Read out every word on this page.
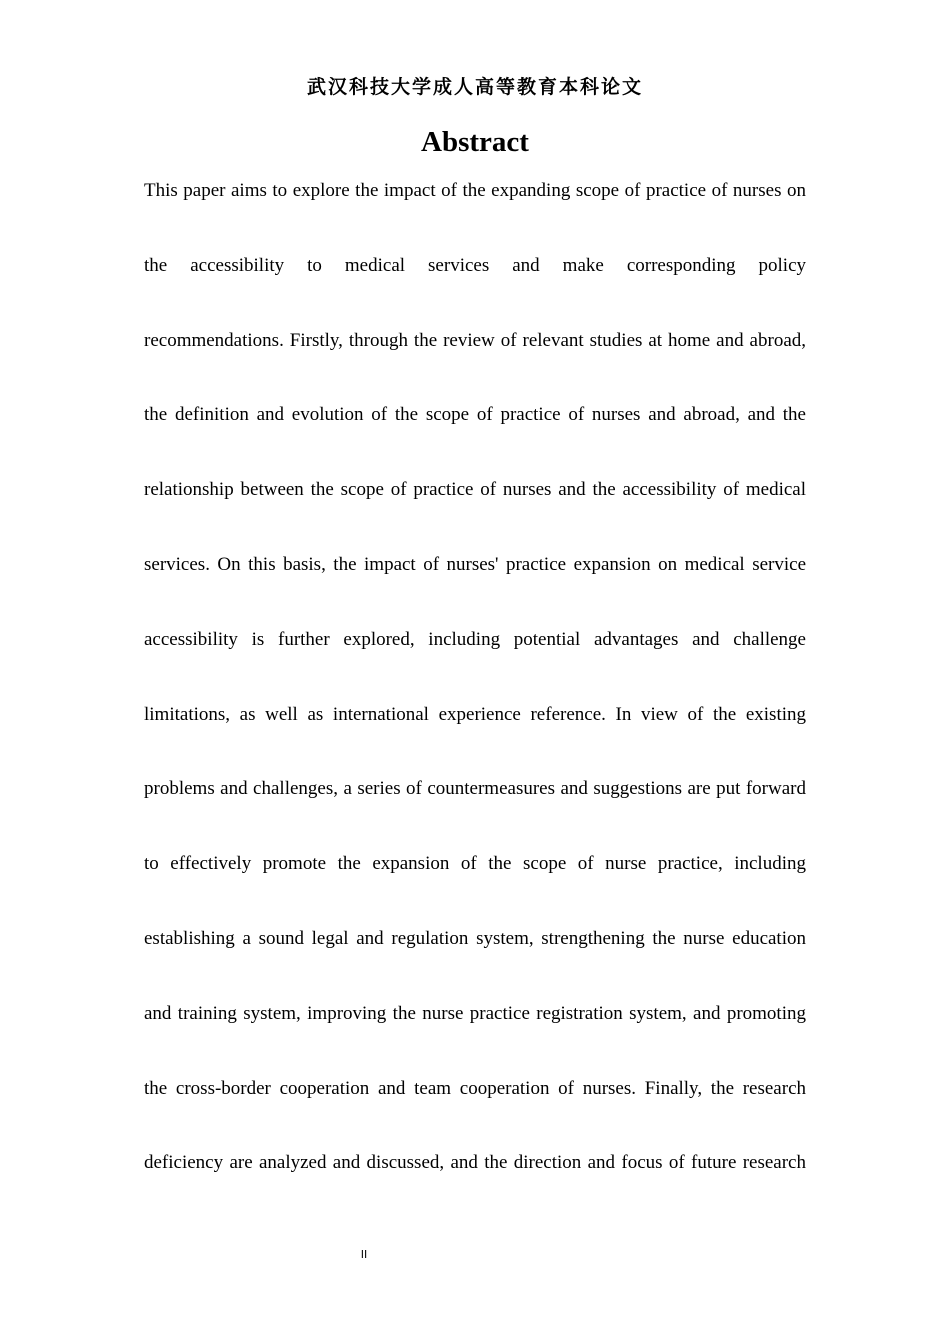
武汉科技大学成人高等教育本科论文
Abstract
This paper aims to explore the impact of the expanding scope of practice of nurses on
the accessibility to medical services and make corresponding policy
recommendations. Firstly, through the review of relevant studies at home and abroad,
the definition and evolution of the scope of practice of nurses and abroad, and the
relationship between the scope of practice of nurses and the accessibility of medical
services. On this basis, the impact of nurses' practice expansion on medical service
accessibility is further explored, including potential advantages and challenge
limitations, as well as international experience reference. In view of the existing
problems and challenges, a series of countermeasures and suggestions are put forward
to effectively promote the expansion of the scope of nurse practice, including
establishing a sound legal and regulation system, strengthening the nurse education
and training system, improving the nurse practice registration system, and promoting
the cross-border cooperation and team cooperation of nurses. Finally, the research
deficiency are analyzed and discussed, and the direction and focus of future research
II
